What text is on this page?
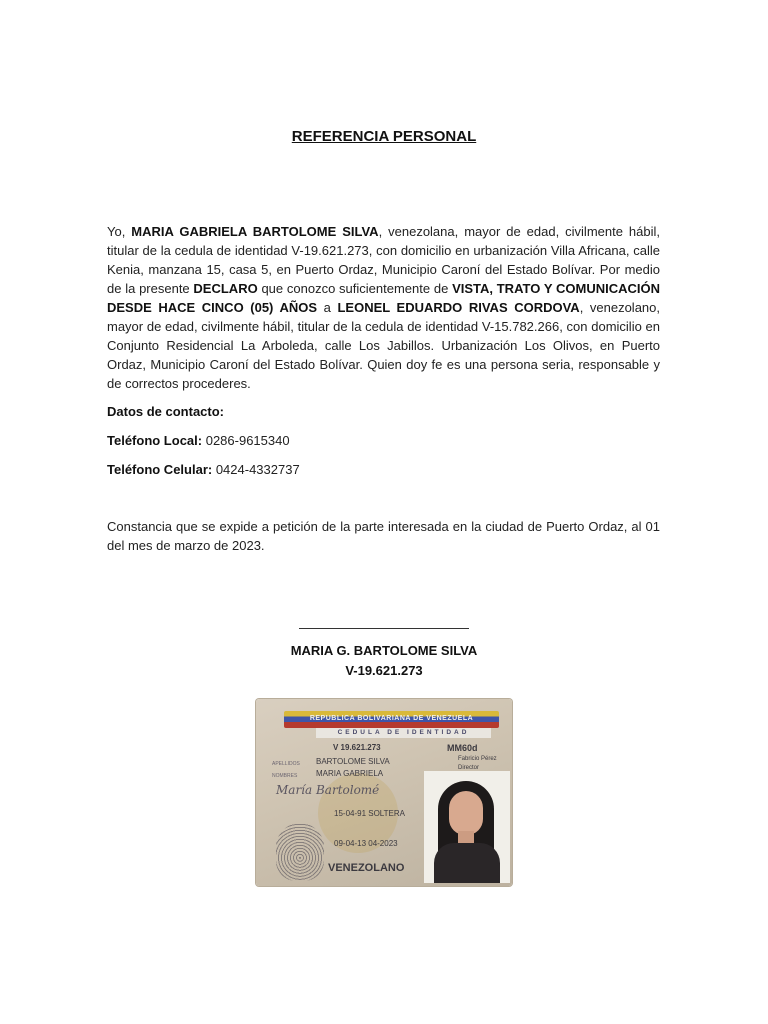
REFERENCIA PERSONAL
Yo, MARIA GABRIELA BARTOLOME SILVA, venezolana, mayor de edad, civilmente hábil, titular de la cedula de identidad V-19.621.273, con domicilio en urbanización Villa Africana, calle Kenia, manzana 15, casa 5, en Puerto Ordaz, Municipio Caroní del Estado Bolívar. Por medio de la presente DECLARO que conozco suficientemente de VISTA, TRATO Y COMUNICACIÓN DESDE HACE CINCO (05) AÑOS a LEONEL EDUARDO RIVAS CORDOVA, venezolano, mayor de edad, civilmente hábil, titular de la cedula de identidad V-15.782.266, con domicilio en Conjunto Residencial La Arboleda, calle Los Jabillos. Urbanización Los Olivos, en Puerto Ordaz, Municipio Caroní del Estado Bolívar. Quien doy fe es una persona seria, responsable y de correctos procederes.
Datos de contacto:
Teléfono Local: 0286-9615340
Teléfono Celular: 0424-4332737
Constancia que se expide a petición de la parte interesada en la ciudad de Puerto Ordaz, al 01 del mes de marzo de 2023.
MARIA G. BARTOLOME SILVA
V-19.621.273
REPUBLICA BOLIVARIANA DE VENEZUELA
CEDULA DE IDENTIDAD
V 19.621.273	MM60d
Fabricio Pérez
Director
APELLIDOS BARTOLOME SILVA
NOMBRES MARIA GABRIELA
María Bartolomé
15-04-91 SOLTERA
09-04-13 04-2023
VENEZOLANO
